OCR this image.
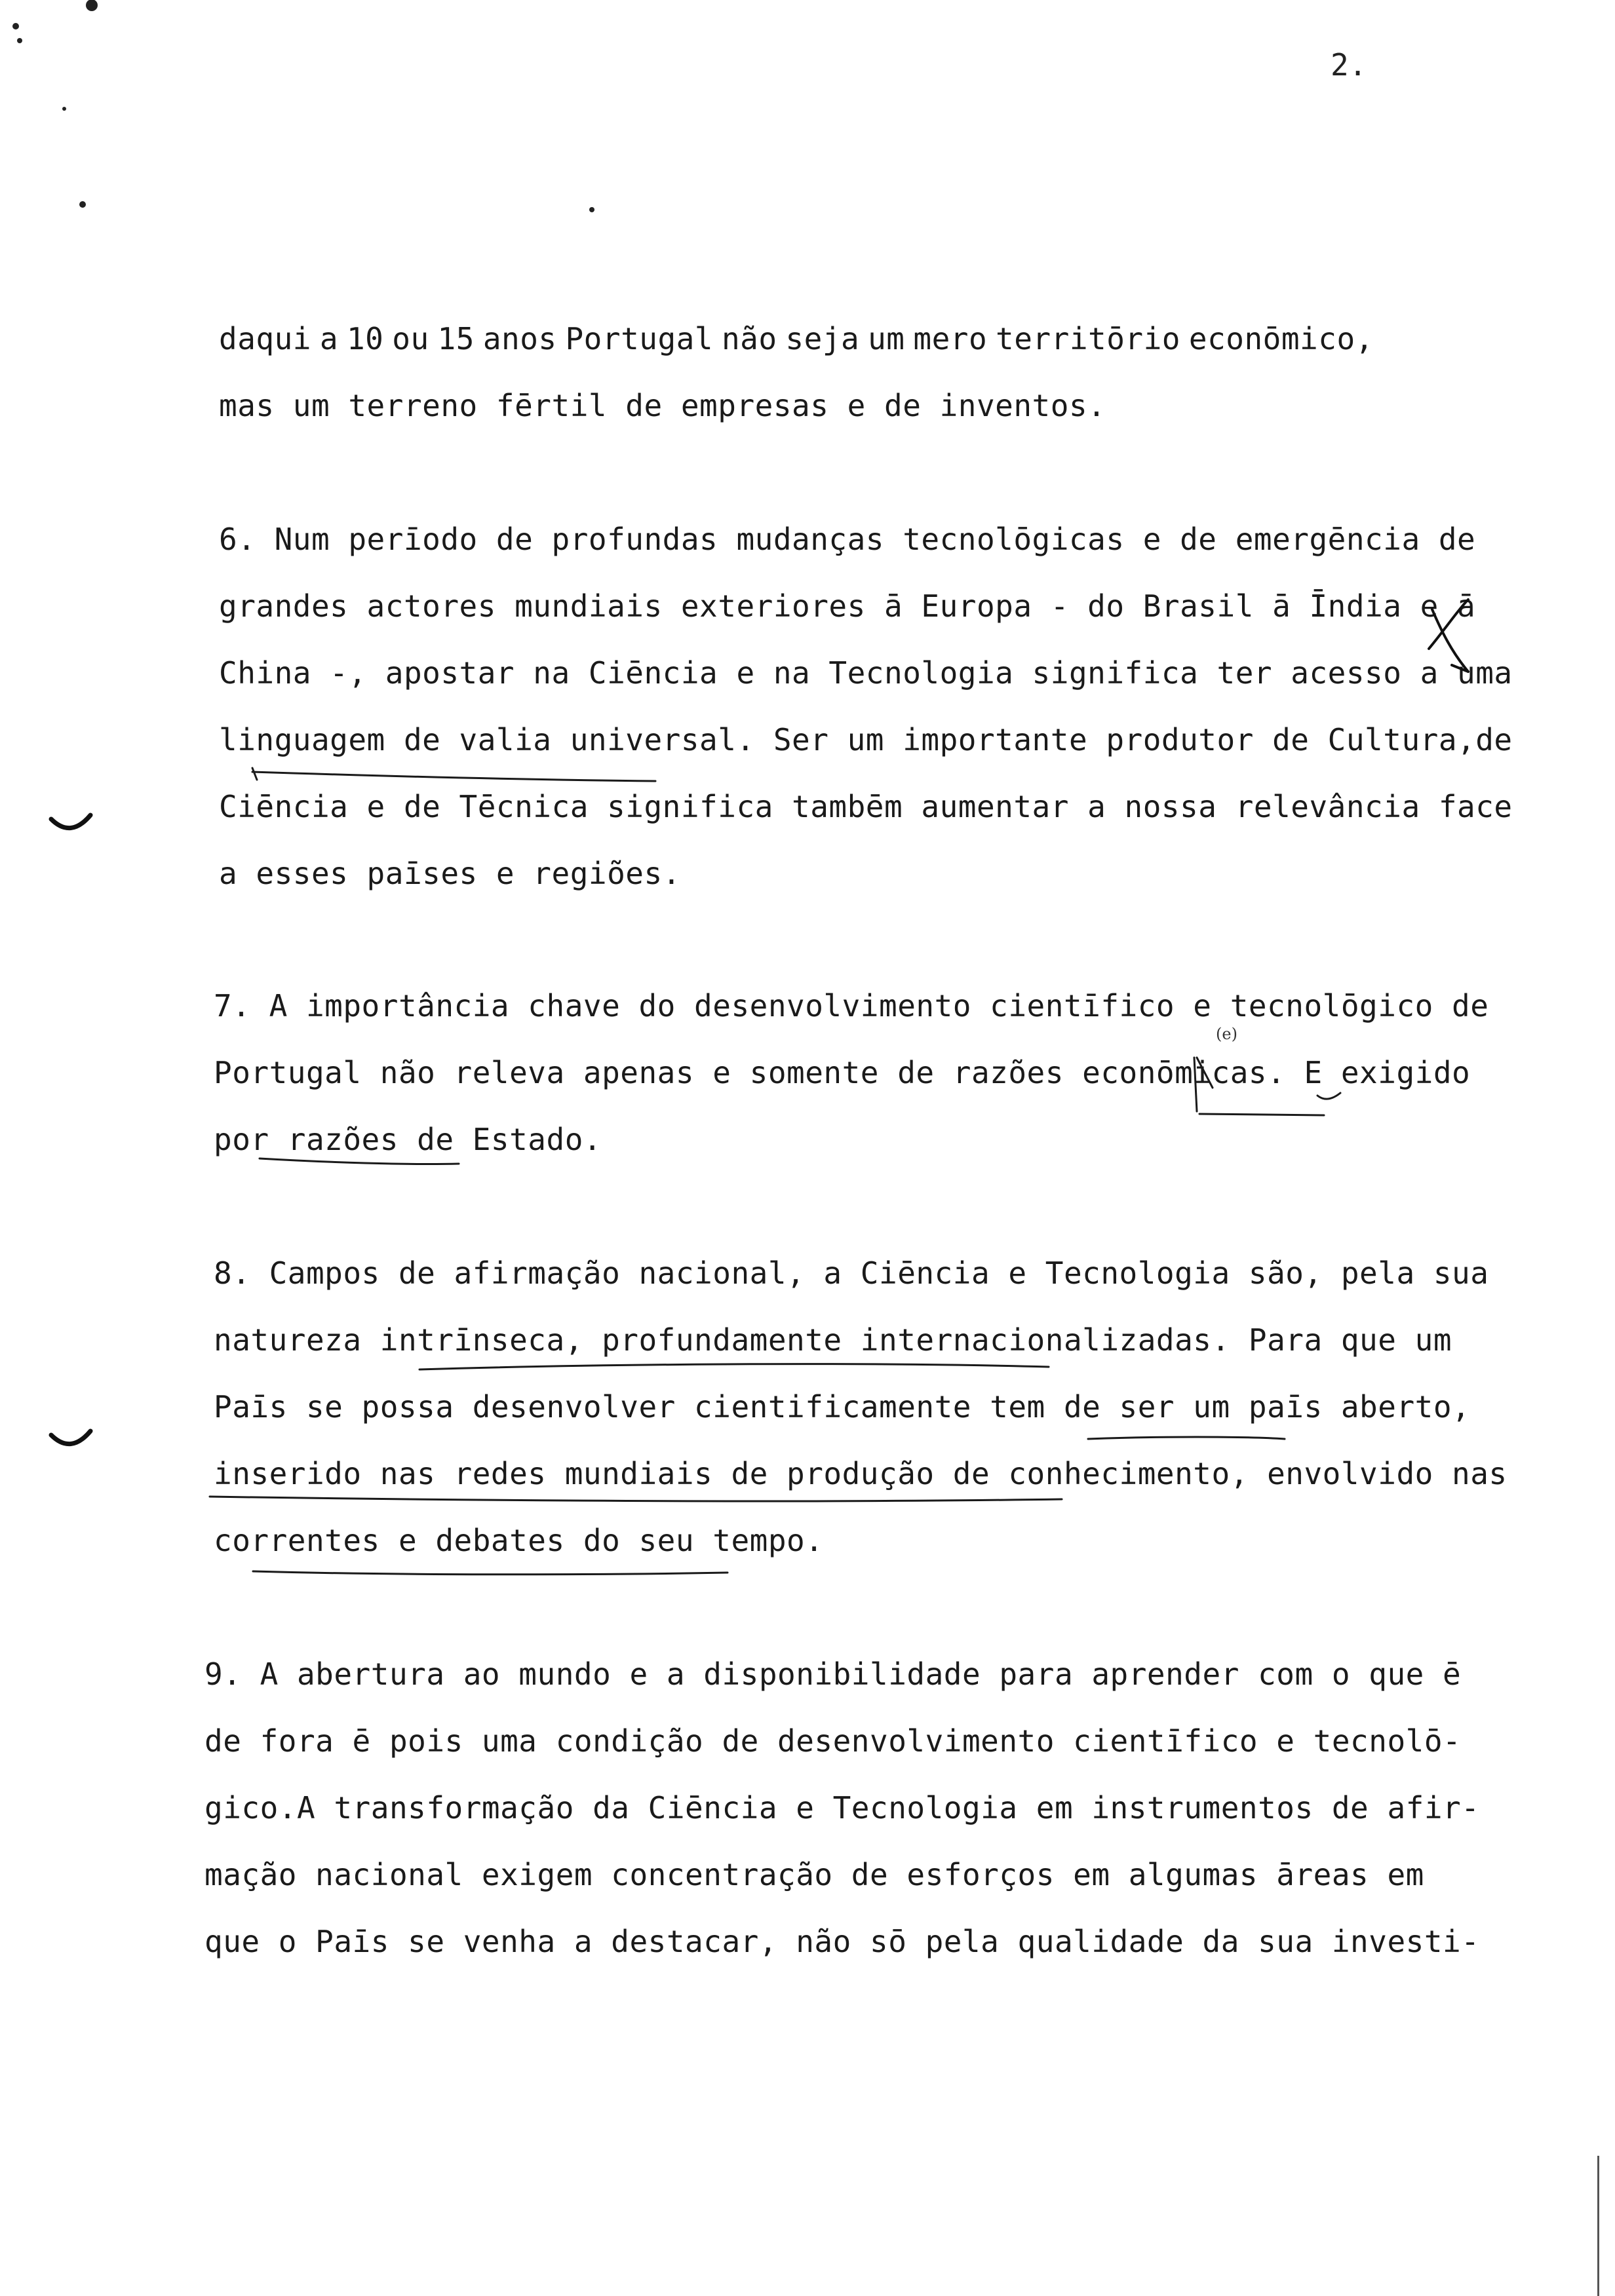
2.
daqui a 10 ou 15 anos Portugal não seja um mero territōrio econōmico,
mas um terreno fērtil de empresas e de inventos.
6. Num perīodo de profundas mudanças tecnolōgicas e de emergēncia de
grandes actores mundiais exteriores ā Europa - do Brasil ā Īndia e ā
China -, apostar na Ciēncia e na Tecnologia significa ter acesso a uma
linguagem de valia universal. Ser um importante produtor de Cultura,de
Ciēncia e de Tēcnica significa tambēm aumentar a nossa relevância face
a esses paīses e regiões.
7. A importância chave do desenvolvimento cientīfico e tecnolōgico de
Portugal não releva apenas e somente de razões econōmicas. E exigido
por razões de Estado.
8. Campos de afirmação nacional, a Ciēncia e Tecnologia são, pela sua
natureza intrīnseca, profundamente internacionalizadas. Para que um
Paīs se possa desenvolver cientificamente tem de ser um paīs aberto,
inserido nas redes mundiais de produção de conhecimento, envolvido nas
correntes e debates do seu tempo.
9. A abertura ao mundo e a disponibilidade para aprender com o que ē
de fora ē pois uma condição de desenvolvimento cientīfico e tecnolō-
gico.A transformação da Ciēncia e Tecnologia em instrumentos de afir-
mação nacional exigem concentração de esforços em algumas āreas em
que o Paīs se venha a destacar, não sō pela qualidade da sua investi-
(e)
